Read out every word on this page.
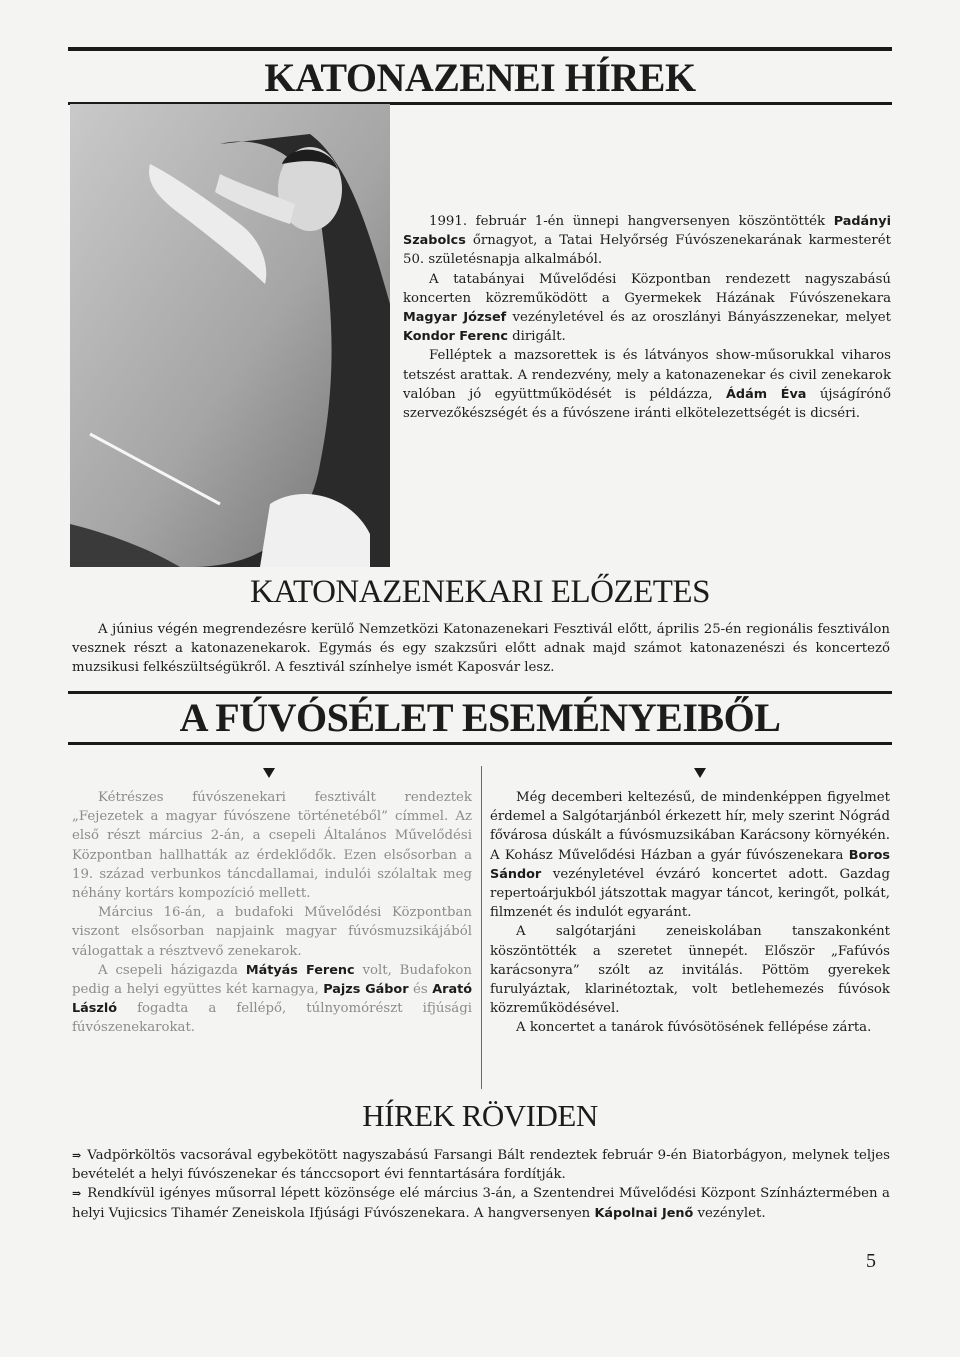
KATONAZENEI HÍREK

1991. február 1-én ünnepi hangversenyen köszöntötték Padányi Szabolcs őrnagyot, a Tatai Helyőrség Fúvószenekarának karmesterét 50. születésnapja alkalmából.

A tatabányai Művelődési Központban rendezett nagyszabású koncerten közreműködött a Gyermekek Házának Fúvószenekara Magyar József vezényletével és az oroszlányi Bányászzenekar, melyet Kondor Ferenc dirigált.

Felléptek a mazsorettek is és látványos show-műsorukkal viharos tetszést arattak. A rendezvény, mely a katonazenekar és civil zenekarok valóban jó együttműködését is példázza, Ádám Éva újságírónő szervezőkészségét és a fúvószene iránti elkötelezettségét is dicséri.

KATONAZENEKARI ELŐZETES

A június végén megrendezésre kerülő Nemzetközi Katonazenekari Fesztivál előtt, április 25-én regionális fesztiválon vesznek részt a katonazenekarok. Egymás és egy szakzsűri előtt adnak majd számot katonazenészi és koncertező muzsikusi felkészültségükről. A fesztivál színhelye ismét Kaposvár lesz.

A FÚVÓSÉLET ESEMÉNYEIBŐL

Kétrészes fúvószenekari fesztivált rendeztek „Fejezetek a magyar fúvószene történetéből” címmel. Az első részt március 2-án, a csepeli Általános Művelődési Központban hallhatták az érdeklődők. Ezen elsősorban a 19. század verbunkos táncdallamai, indulói szólaltak meg néhány kortárs kompozíció mellett.

Március 16-án, a budafoki Művelődési Központban viszont elsősorban napjaink magyar fúvósmuzsikájából válogattak a résztvevő zenekarok.

A csepeli házigazda Mátyás Ferenc volt, Budafokon pedig a helyi együttes két karnagya, Pajzs Gábor és Arató László fogadta a fellépő, túlnyomórészt ifjúsági fúvószenekarokat.

Még decemberi keltezésű, de mindenképpen figyelmet érdemel a Salgótarjánból érkezett hír, mely szerint Nógrád fővárosa dúskált a fúvósmuzsikában Karácsony környékén. A Kohász Művelődési Házban a gyár fúvószenekara Boros Sándor vezényletével évzáró koncertet adott. Gazdag repertoárjukból játszottak magyar táncot, keringőt, polkát, filmzenét és indulót egyaránt.

A salgótarjáni zeneiskolában tanszakonként köszöntötték a szeretet ünnepét. Először „Fafúvós karácsonyra” szólt az invitálás. Pöttöm gyerekek furulyáztak, klarinétoztak, volt betlehemezés fúvósok közreműködésével.

A koncertet a tanárok fúvósötösének fellépése zárta.

HÍREK RÖVIDEN

⇒ Vadpörköltös vacsorával egybekötött nagyszabású Farsangi Bált rendeztek február 9-én Biatorbágyon, melynek teljes bevételét a helyi fúvószenekar és tánccsoport évi fenntartására fordítják.

⇒ Rendkívül igényes műsorral lépett közönsége elé március 3-án, a Szentendrei Művelődési Központ Színháztermében a helyi Vujicsics Tihamér Zeneiskola Ifjúsági Fúvószenekara. A hangversenyen Kápolnai Jenő vezénylet.

5
